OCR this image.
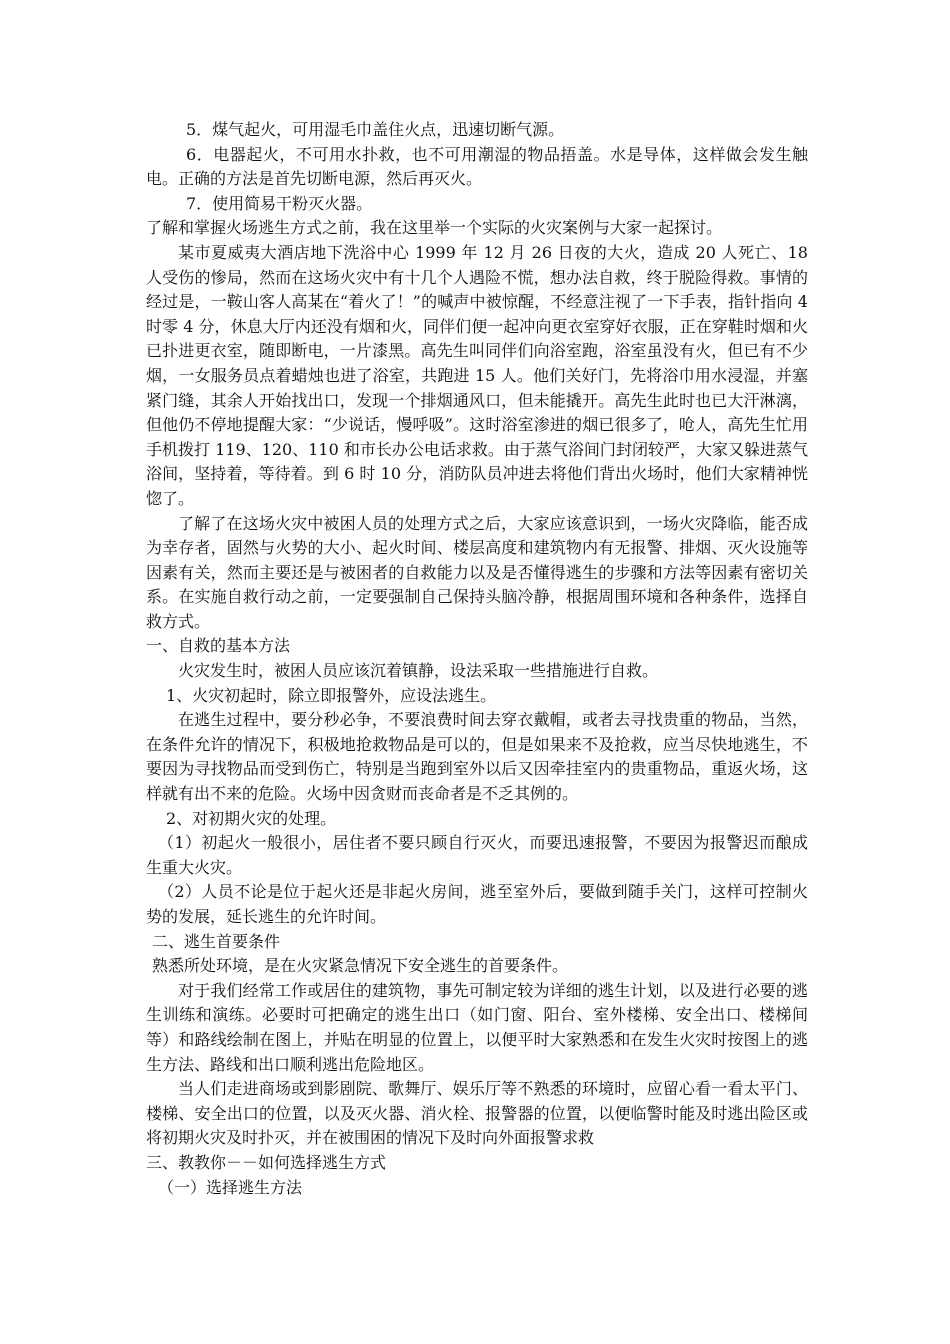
5．煤气起火，可用湿毛巾盖住火点，迅速切断气源。

6．电器起火，不可用水扑救，也不可用潮湿的物品捂盖。水是导体，这样做会发生触电。正确的方法是首先切断电源，然后再灭火。

7．使用简易干粉灭火器。

了解和掌握火场逃生方式之前，我在这里举一个实际的火灾案例与大家一起探讨。

某市夏威夷大酒店地下洗浴中心 1999 年 12 月 26 日夜的大火，造成 20 人死亡、18 人受伤的惨局，然而在这场火灾中有十几个人遇险不慌，想办法自救，终于脱险得救。事情的经过是，一鞍山客人高某在“着火了！”的喊声中被惊醒，不经意注视了一下手表，指针指向 4 时零 4 分，休息大厅内还没有烟和火，同伴们便一起冲向更衣室穿好衣服，正在穿鞋时烟和火已扑进更衣室，随即断电，一片漆黑。高先生叫同伴们向浴室跑，浴室虽没有火，但已有不少烟，一女服务员点着蜡烛也进了浴室，共跑进 15 人。他们关好门，先将浴巾用水浸湿，并塞紧门缝，其余人开始找出口，发现一个排烟通风口，但未能撬开。高先生此时也已大汗淋漓，但他仍不停地提醒大家：“少说话，慢呼吸”。这时浴室渗进的烟已很多了，呛人，高先生忙用手机拨打 119、120、110 和市长办公电话求救。由于蒸气浴间门封闭较严，大家又躲进蒸气浴间，坚持着，等待着。到 6 时 10 分，消防队员冲进去将他们背出火场时，他们大家精神恍惚了。

了解了在这场火灾中被困人员的处理方式之后，大家应该意识到，一场火灾降临，能否成为幸存者，固然与火势的大小、起火时间、楼层高度和建筑物内有无报警、排烟、灭火设施等因素有关，然而主要还是与被困者的自救能力以及是否懂得逃生的步骤和方法等因素有密切关系。在实施自救行动之前，一定要强制自己保持头脑冷静，根据周围环境和各种条件，选择自救方式。

一、自救的基本方法

火灾发生时，被困人员应该沉着镇静，设法采取一些措施进行自救。

1、火灾初起时，除立即报警外，应设法逃生。

在逃生过程中，要分秒必争，不要浪费时间去穿衣戴帽，或者去寻找贵重的物品，当然，在条件允许的情况下，积极地抢救物品是可以的，但是如果来不及抢救，应当尽快地逃生，不要因为寻找物品而受到伤亡，特别是当跑到室外以后又因牵挂室内的贵重物品，重返火场，这样就有出不来的危险。火场中因贪财而丧命者是不乏其例的。

2、对初期火灾的处理。

（1）初起火一般很小，居住者不要只顾自行灭火，而要迅速报警，不要因为报警迟而酿成生重大火灾。

（2）人员不论是位于起火还是非起火房间，逃至室外后，要做到随手关门，这样可控制火势的发展，延长逃生的允许时间。

二、逃生首要条件

熟悉所处环境，是在火灾紧急情况下安全逃生的首要条件。

对于我们经常工作或居住的建筑物，事先可制定较为详细的逃生计划，以及进行必要的逃生训练和演练。必要时可把确定的逃生出口（如门窗、阳台、室外楼梯、安全出口、楼梯间等）和路线绘制在图上，并贴在明显的位置上，以便平时大家熟悉和在发生火灾时按图上的逃生方法、路线和出口顺利逃出危险地区。

当人们走进商场或到影剧院、歌舞厅、娱乐厅等不熟悉的环境时，应留心看一看太平门、楼梯、安全出口的位置，以及灭火器、消火栓、报警器的位置，以便临警时能及时逃出险区或将初期火灾及时扑灭，并在被围困的情况下及时向外面报警求救

三、教教你－－如何选择逃生方式

（一）选择逃生方法
